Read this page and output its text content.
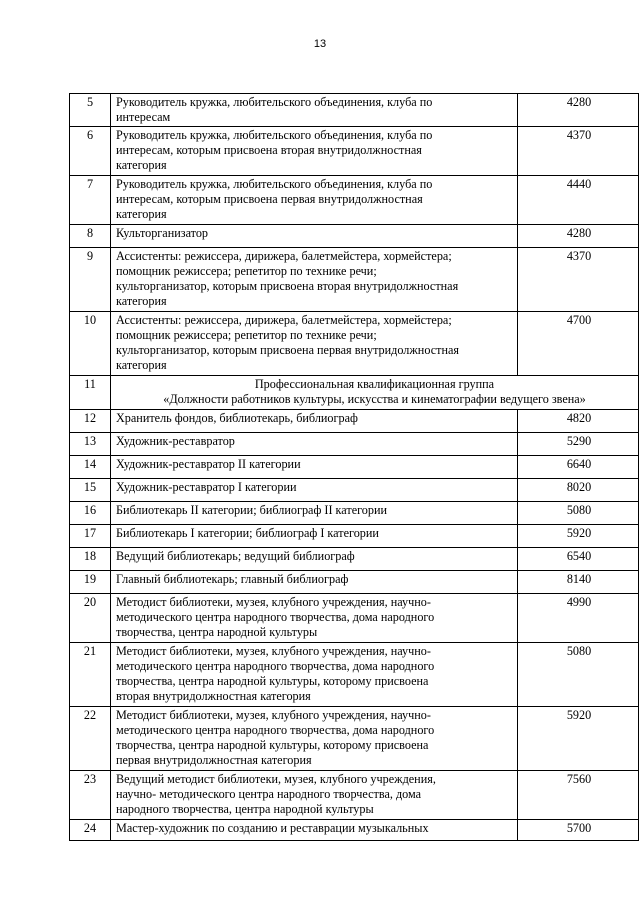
13
5	Руководитель кружка, любительского объединения, клуба по
интересам	4280
6	Руководитель кружка, любительского объединения, клуба по
интересам, которым присвоена вторая внутридолжностная
категория	4370
7	Руководитель кружка, любительского объединения, клуба по
интересам, которым присвоена первая внутридолжностная
категория	4440
8	Культорганизатор	4280
9	Ассистенты: режиссера, дирижера, балетмейстера, хормейстера;
помощник режиссера; репетитор по технике речи;
культорганизатор, которым присвоена вторая внутридолжностная
категория	4370
10	Ассистенты: режиссера, дирижера, балетмейстера, хормейстера;
помощник режиссера; репетитор по технике речи;
культорганизатор, которым присвоена первая внутридолжностная
категория	4700
11	Профессиональная квалификационная группа
«Должности работников культуры, искусства и кинематографии ведущего звена»	

12	Хранитель фондов, библиотекарь, библиограф	4820
13	Художник-реставратор	5290
14	Художник-реставратор II категории	6640
15	Художник-реставратор I категории	8020
16	Библиотекарь II категории; библиограф II категории	5080
17	Библиотекарь I категории; библиограф I категории	5920
18	Ведущий библиотекарь; ведущий библиограф	6540
19	Главный библиотекарь; главный библиограф	8140
20	Методист библиотеки, музея, клубного учреждения, научно-
методического центра народного творчества, дома народного
творчества, центра народной культуры	4990
21	Методист библиотеки, музея, клубного учреждения, научно-
методического центра народного творчества, дома народного
творчества, центра народной культуры, которому присвоена
вторая внутридолжностная категория	5080
22	Методист библиотеки, музея, клубного учреждения, научно-
методического центра народного творчества, дома народного
творчества, центра народной культуры, которому присвоена
первая внутридолжностная категория	5920
23	Ведущий методист библиотеки, музея, клубного учреждения,
научно- методического центра народного творчества, дома
народного творчества, центра народной культуры	7560
24	Мастер-художник по созданию и реставрации музыкальных	5700
